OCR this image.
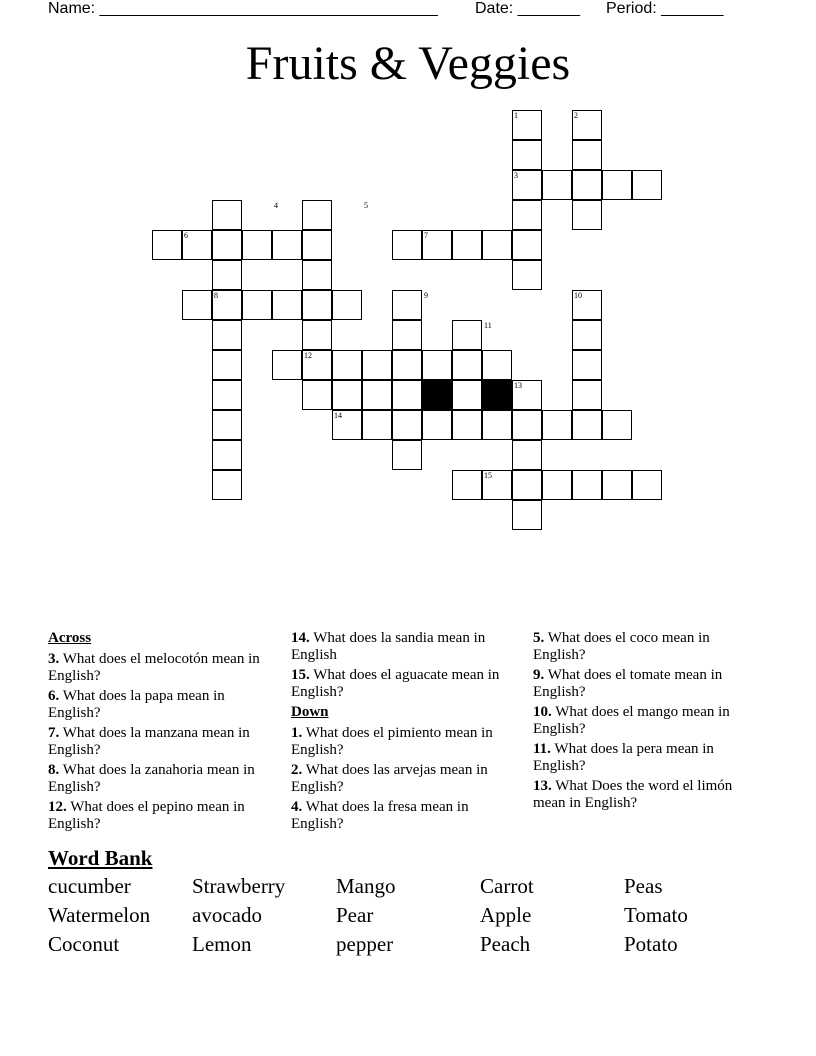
Name: ______________________________________ Date: _______ Period: _______
Fruits & Veggies
1	2
3
4	5
6	7
8	9	10
11
12
13
14
15
Across
3. What does el melocotón mean in English?
6. What does la papa mean in English?
7. What does la manzana mean in English?
8. What does la zanahoria mean in English?
12. What does el pepino mean in English?
14. What does la sandia mean in English
15. What does el aguacate mean in English?
Down
1. What does el pimiento mean in English?
2. What does las arvejas mean in English?
4. What does la fresa mean in English?
5. What does el coco mean in English?
9. What does el tomate mean in English?
10. What does el mango mean in English?
11. What does la pera mean in English?
13. What Does the word el limón mean in English?
Word Bank
cucumber	Strawberry	Mango	Carrot	Peas
Watermelon	avocado	Pear	Apple	Tomato
Coconut	Lemon	pepper	Peach	Potato
